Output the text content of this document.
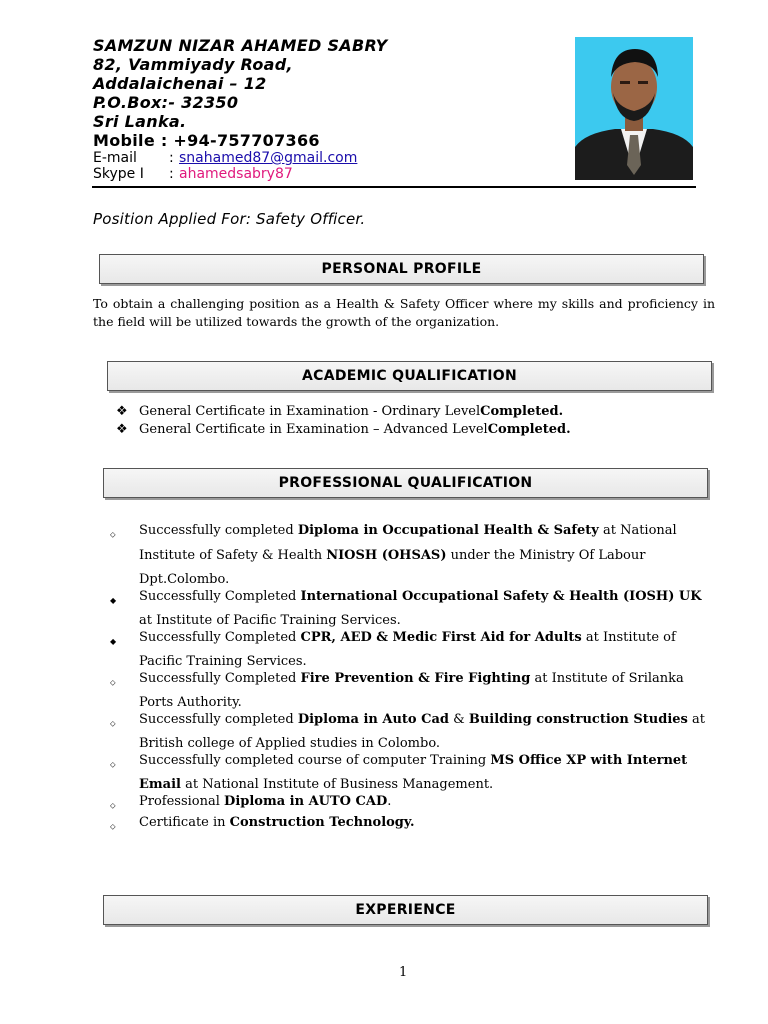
SAMZUN NIZAR AHAMED SABRY
82, Vammiyady Road,
Addalaichenai – 12
P.O.Box:- 32350
Sri Lanka.
Mobile : +94-757707366
E-mail	: snahamed87@gmail.com
Skype I	: ahamedsabry87
Position Applied For: Safety Officer.
PERSONAL PROFILE
To obtain a challenging position as a Health & Safety Officer where my skills and proficiency in the field will be utilized towards the growth of the organization.
ACADEMIC QUALIFICATION
❖ General Certificate in Examination - Ordinary Level Completed.
❖ General Certificate in Examination – Advanced Level Completed.
PROFESSIONAL QUALIFICATION
⬦	Successfully completed Diploma in Occupational Health & Safety at National Institute of Safety & Health NIOSH (OHSAS) under the Ministry Of Labour Dpt.Colombo.
◆	Successfully Completed International Occupational Safety & Health (IOSH) UK at Institute of Pacific Training Services.
◆	Successfully Completed CPR, AED & Medic First Aid for Adults at Institute of Pacific Training Services.
⬦	Successfully Completed Fire Prevention & Fire Fighting at Institute of Srilanka Ports Authority.
⬦	Successfully completed Diploma in Auto Cad & Building construction Studies at British college of Applied studies in Colombo.
⬦	Successfully completed course of computer Training MS Office XP with Internet Email at National Institute of Business Management.
⬦	Professional Diploma in AUTO CAD.
⬦	Certificate in Construction Technology.
EXPERIENCE
1
